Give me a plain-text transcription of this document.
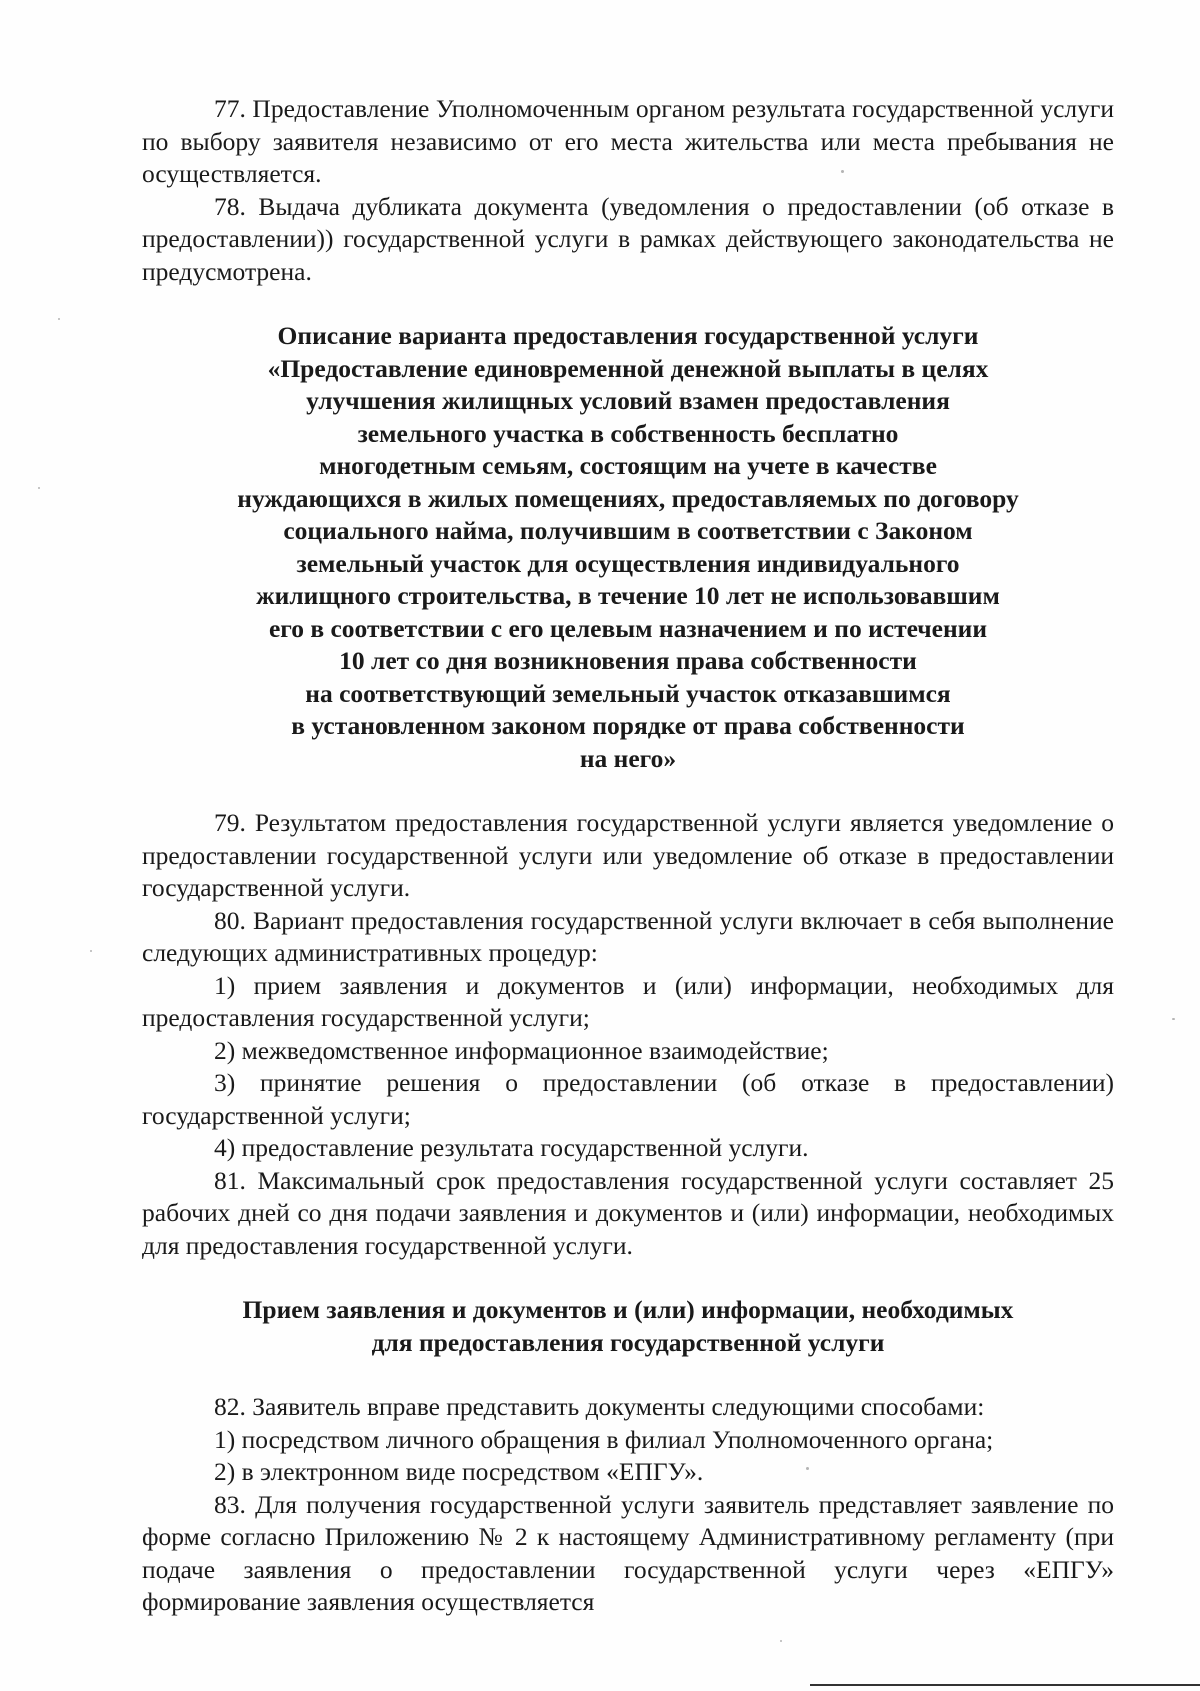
77. Предоставление Уполномоченным органом результата государственной услуги по выбору заявителя независимо от его места жительства или места пребывания не осуществляется.

78. Выдача дубликата документа (уведомления о предоставлении (об отказе в предоставлении)) государственной услуги в рамках действующего законодательства не предусмотрена.

Описание варианта предоставления государственной услуги
«Предоставление единовременной денежной выплаты в целях
улучшения жилищных условий взамен предоставления
земельного участка в собственность бесплатно
многодетным семьям, состоящим на учете в качестве
нуждающихся в жилых помещениях, предоставляемых по договору
социального найма, получившим в соответствии с Законом
земельный участок для осуществления индивидуального
жилищного строительства, в течение 10 лет не использовавшим
его в соответствии с его целевым назначением и по истечении
10 лет со дня возникновения права собственности
на соответствующий земельный участок отказавшимся
в установленном законом порядке от права собственности
на него»

79. Результатом предоставления государственной услуги является уведомление о предоставлении государственной услуги или уведомление об отказе в предоставлении государственной услуги.

80. Вариант предоставления государственной услуги включает в себя выполнение следующих административных процедур:

1) прием заявления и документов и (или) информации, необходимых для предоставления государственной услуги;

2) межведомственное информационное взаимодействие;

3) принятие решения о предоставлении (об отказе в предоставлении) государственной услуги;

4) предоставление результата государственной услуги.

81. Максимальный срок предоставления государственной услуги составляет 25 рабочих дней со дня подачи заявления и документов и (или) информации, необходимых для предоставления государственной услуги.

Прием заявления и документов и (или) информации, необходимых
для предоставления государственной услуги

82. Заявитель вправе представить документы следующими способами:

1) посредством личного обращения в филиал Уполномоченного органа;

2) в электронном виде посредством «ЕПГУ».

83. Для получения государственной услуги заявитель представляет заявление по форме согласно Приложению № 2 к настоящему Административному регламенту (при подаче заявления о предоставлении государственной услуги через «ЕПГУ» формирование заявления осуществляется
